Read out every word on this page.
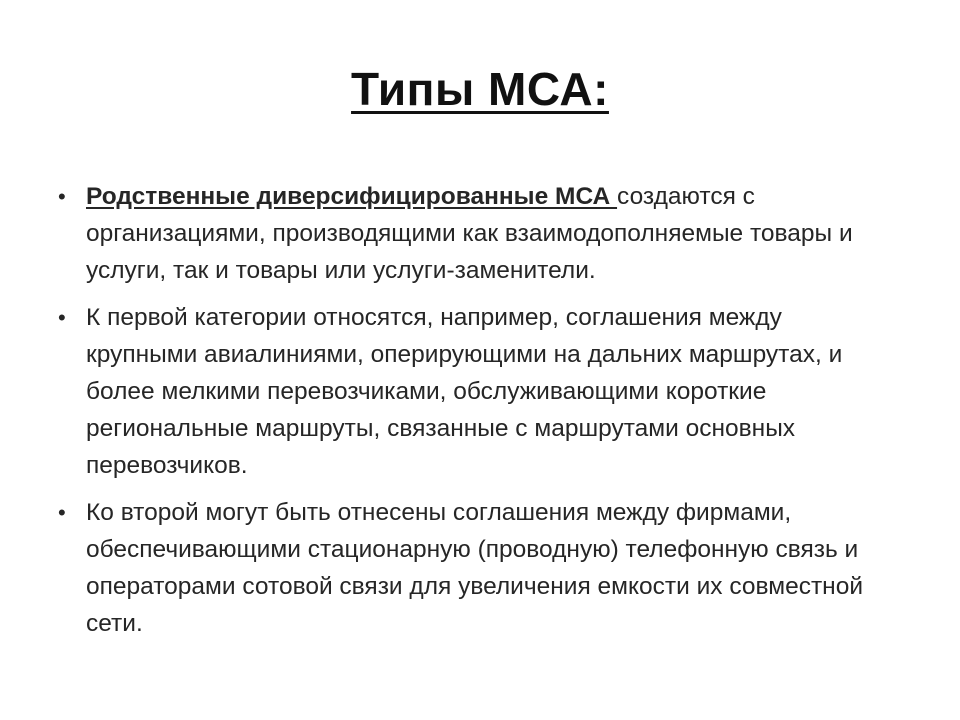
Типы МСА:
• Родственные диверсифицированные МСА создаются с организациями, производящими как взаимодополняемые товары и услуги, так и товары или услуги-заменители.
• К первой категории относятся, например, соглашения между крупными авиалиниями, оперирующими на дальних маршрутах, и более мелкими перевозчиками, обслуживающими короткие региональные маршруты, связанные с маршрутами основных перевозчиков.
• Ко второй могут быть отнесены соглашения между фирмами, обеспечивающими стационарную (проводную) телефонную связь и операторами сотовой связи для увеличения емкости их совместной сети.
